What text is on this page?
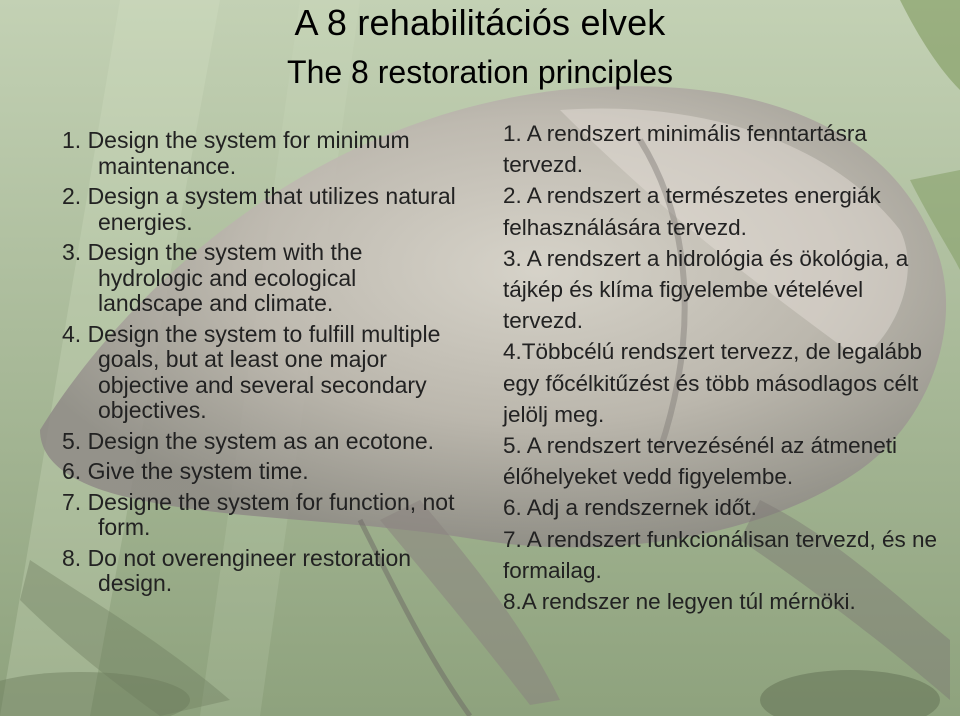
A 8 rehabilitációs elvek
The 8 restoration principles
1. Design the system for minimum maintenance.
2. Design a system that utilizes natural energies.
3. Design the system with the hydrologic and ecological landscape and climate.
4. Design the system to fulfill multiple goals, but at least one major objective and several secondary objectives.
5. Design the system as an ecotone.
6. Give the system time.
7. Designe the system for function, not form.
8. Do not overengineer restoration design.
1. A rendszert minimális fenntartásra tervezd.
2. A rendszert a természetes energiák felhasználására tervezd.
3. A rendszert a hidrológia és ökológia, a tájkép és klíma figyelembe vételével tervezd.
4.Többcélú rendszert tervezz, de legalább egy főcélkitűzést és több másodlagos célt jelölj meg.
5. A rendszert tervezésénél az átmeneti élőhelyeket vedd figyelembe.
6. Adj a rendszernek időt.
7. A rendszert funkcionálisan tervezd, és ne formailag.
8.A rendszer ne legyen túl mérnöki.
